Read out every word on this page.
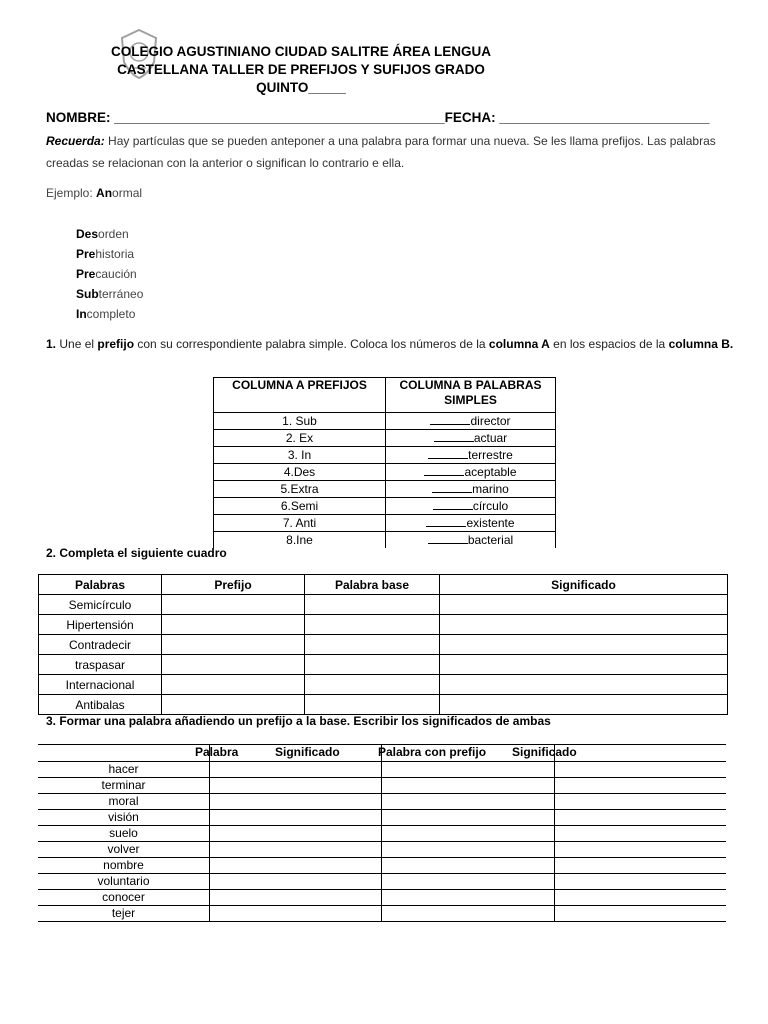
COLEGIO AGUSTINIANO CIUDAD SALITRE ÁREA LENGUA
CASTELLANA TALLER DE PREFIJOS Y SUFIJOS GRADO
QUINTO_____
NOMBRE: ____________________________________________FECHA: ____________________________
Recuerda: Hay partículas que se pueden anteponer a una palabra para formar una nueva. Se les llama prefijos. Las palabras creadas se relacionan con la anterior o significan lo contrario e ella.
Ejemplo: Anormal
Desorden
Prehistoria
Precaución
Subterráneo
Incompleto
1. Une el prefijo con su correspondiente palabra simple. Coloca los números de la columna A en los espacios de la columna B.
COLUMNA A PREFIJOS	COLUMNA B PALABRAS SIMPLES
1. Sub	director
2. Ex	actuar
3. In	terrestre
4.Des	aceptable
5.Extra	marino
6.Semi	círculo
7. Anti	existente
8.Ine	bacterial
2. Completa el siguiente cuadro
Palabras	Prefijo	Palabra base	Significado
Semicírculo			
Hipertensión			
Contradecir			
traspasar			
Internacional			
Antibalas			
3. Formar una palabra añadiendo un prefijo a la base. Escribir los significados de ambas
Palabra	Significado	Palabra con prefijo Significado

hacer			
terminar			
moral			
visión			
suelo			
volver			
nombre			
voluntario			
conocer			
tejer			
